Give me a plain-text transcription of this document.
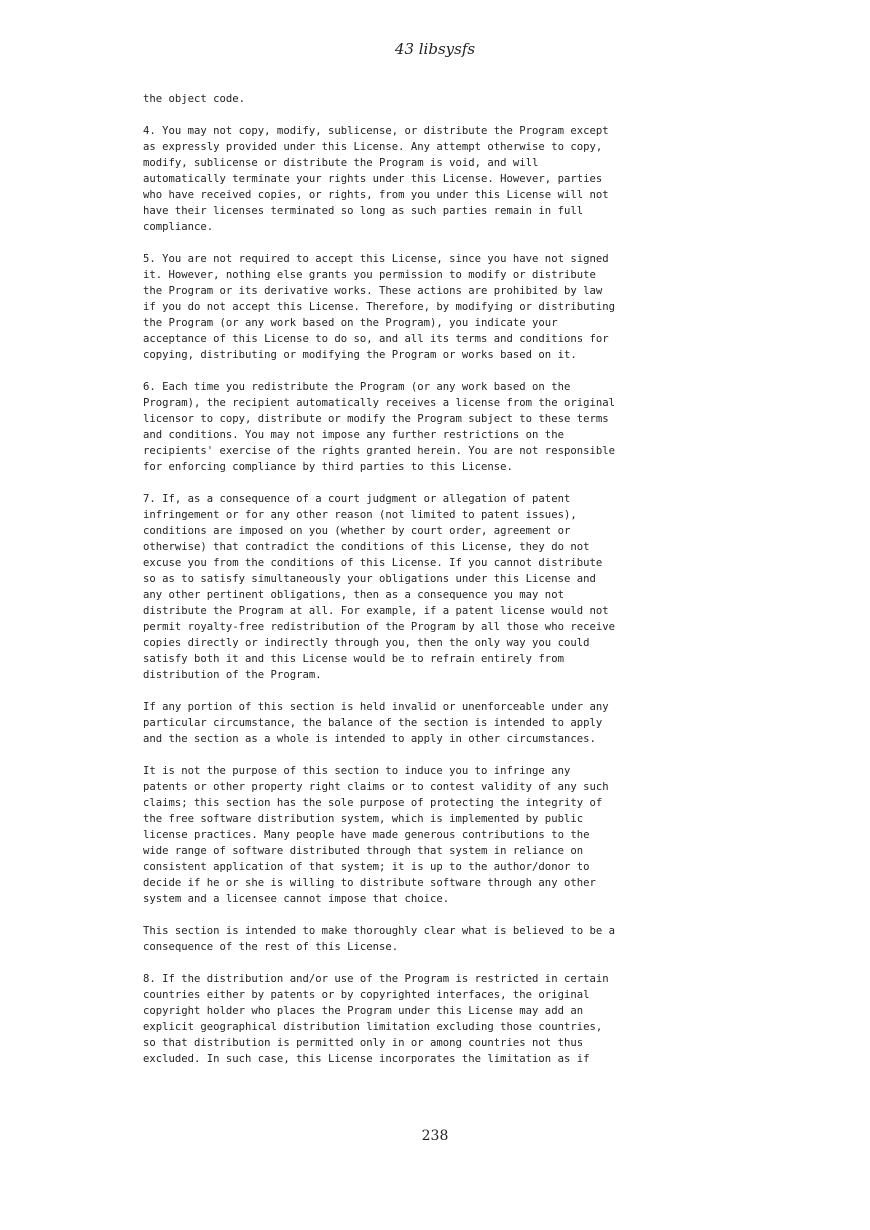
43 libsysfs

the object code.

4. You may not copy, modify, sublicense, or distribute the Program except
as expressly provided under this License. Any attempt otherwise to copy,
modify, sublicense or distribute the Program is void, and will
automatically terminate your rights under this License. However, parties
who have received copies, or rights, from you under this License will not
have their licenses terminated so long as such parties remain in full
compliance.

5. You are not required to accept this License, since you have not signed
it. However, nothing else grants you permission to modify or distribute
the Program or its derivative works. These actions are prohibited by law
if you do not accept this License. Therefore, by modifying or distributing
the Program (or any work based on the Program), you indicate your
acceptance of this License to do so, and all its terms and conditions for
copying, distributing or modifying the Program or works based on it.

6. Each time you redistribute the Program (or any work based on the
Program), the recipient automatically receives a license from the original
licensor to copy, distribute or modify the Program subject to these terms
and conditions. You may not impose any further restrictions on the
recipients' exercise of the rights granted herein. You are not responsible
for enforcing compliance by third parties to this License.

7. If, as a consequence of a court judgment or allegation of patent
infringement or for any other reason (not limited to patent issues),
conditions are imposed on you (whether by court order, agreement or
otherwise) that contradict the conditions of this License, they do not
excuse you from the conditions of this License. If you cannot distribute
so as to satisfy simultaneously your obligations under this License and
any other pertinent obligations, then as a consequence you may not
distribute the Program at all. For example, if a patent license would not
permit royalty-free redistribution of the Program by all those who receive
copies directly or indirectly through you, then the only way you could
satisfy both it and this License would be to refrain entirely from
distribution of the Program.

If any portion of this section is held invalid or unenforceable under any
particular circumstance, the balance of the section is intended to apply
and the section as a whole is intended to apply in other circumstances.

It is not the purpose of this section to induce you to infringe any
patents or other property right claims or to contest validity of any such
claims; this section has the sole purpose of protecting the integrity of
the free software distribution system, which is implemented by public
license practices. Many people have made generous contributions to the
wide range of software distributed through that system in reliance on
consistent application of that system; it is up to the author/donor to
decide if he or she is willing to distribute software through any other
system and a licensee cannot impose that choice.

This section is intended to make thoroughly clear what is believed to be a
consequence of the rest of this License.

8. If the distribution and/or use of the Program is restricted in certain
countries either by patents or by copyrighted interfaces, the original
copyright holder who places the Program under this License may add an
explicit geographical distribution limitation excluding those countries,
so that distribution is permitted only in or among countries not thus
excluded. In such case, this License incorporates the limitation as if

238
